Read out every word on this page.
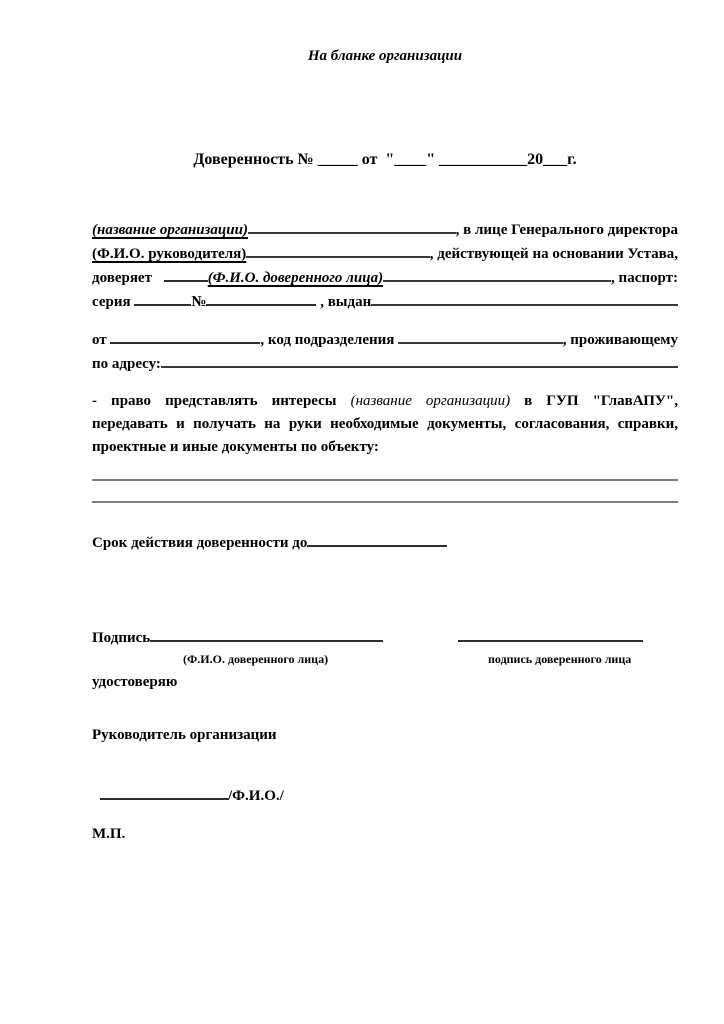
На бланке организации
Доверенность № _____ от  "____" ___________20___г.
(название организации)	, в лице Генерального директора
(Ф.И.О. руководителя)	, действующей на основании Устава,
доверяет	(Ф.И.О. доверенного лица)	, паспорт:
серия	№	, выдан
от	, код подразделения	, проживающему
по адресу:
- право представлять интересы (название организации) в ГУП "ГлавАПУ",
передавать и получать на руки необходимые документы, согласования, справки,
проектные и иные документы по объекту:
Срок действия доверенности до
Подпись
(Ф.И.О. доверенного лица)	подпись доверенного лица
удостоверяю
Руководитель организации
/Ф.И.О./
М.П.
